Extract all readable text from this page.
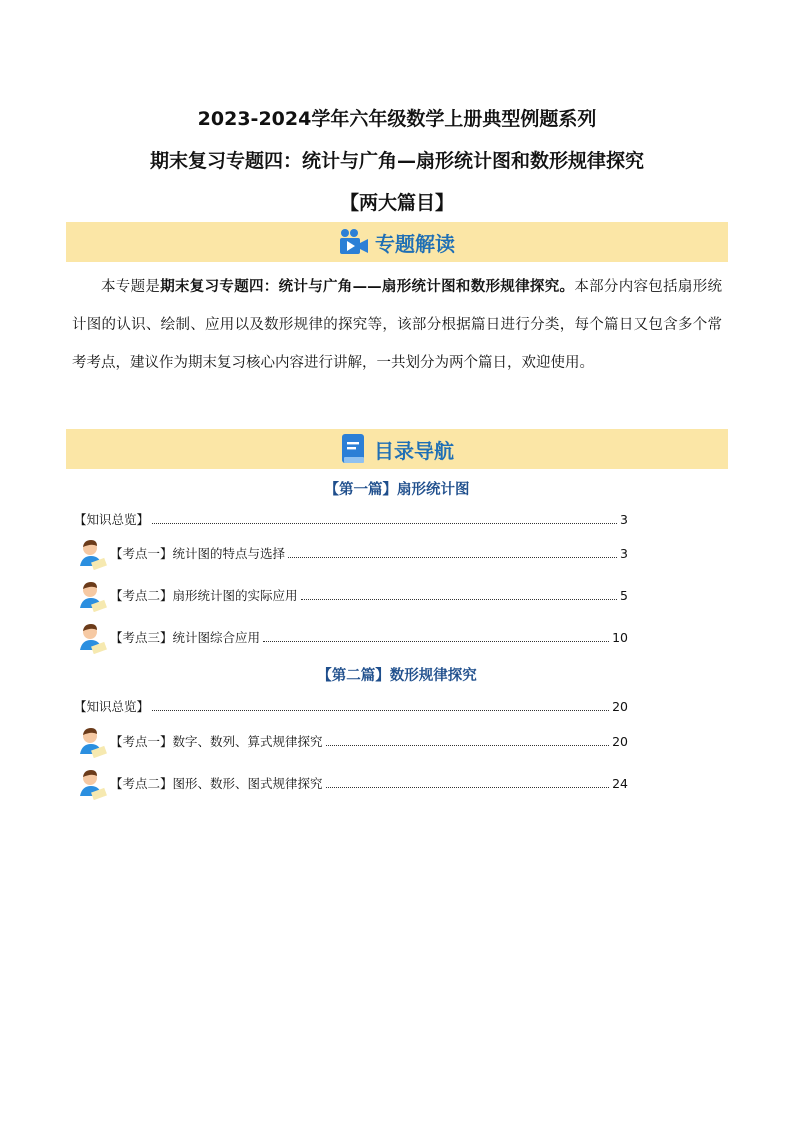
2023-2024学年六年级数学上册典型例题系列
期末复习专题四：统计与广角—扇形统计图和数形规律探究
【两大篇目】
专题解读
本专题是期末复习专题四：统计与广角——扇形统计图和数形规律探究。本部分内容包括扇形统计图的认识、绘制、应用以及数形规律的探究等，该部分根据篇日进行分类，每个篇日又包含多个常考考点，建议作为期末复习核心内容进行讲解，一共划分为两个篇日，欢迎使用。
目录导航
【第一篇】扇形统计图
【知识总览】	3
【考点一】统计图的特点与选择	3
【考点二】扇形统计图的实际应用	5
【考点三】统计图综合应用	10
【第二篇】数形规律探究
【知识总览】	20
【考点一】数字、数列、算式规律探究	20
【考点二】图形、数形、图式规律探究	24
